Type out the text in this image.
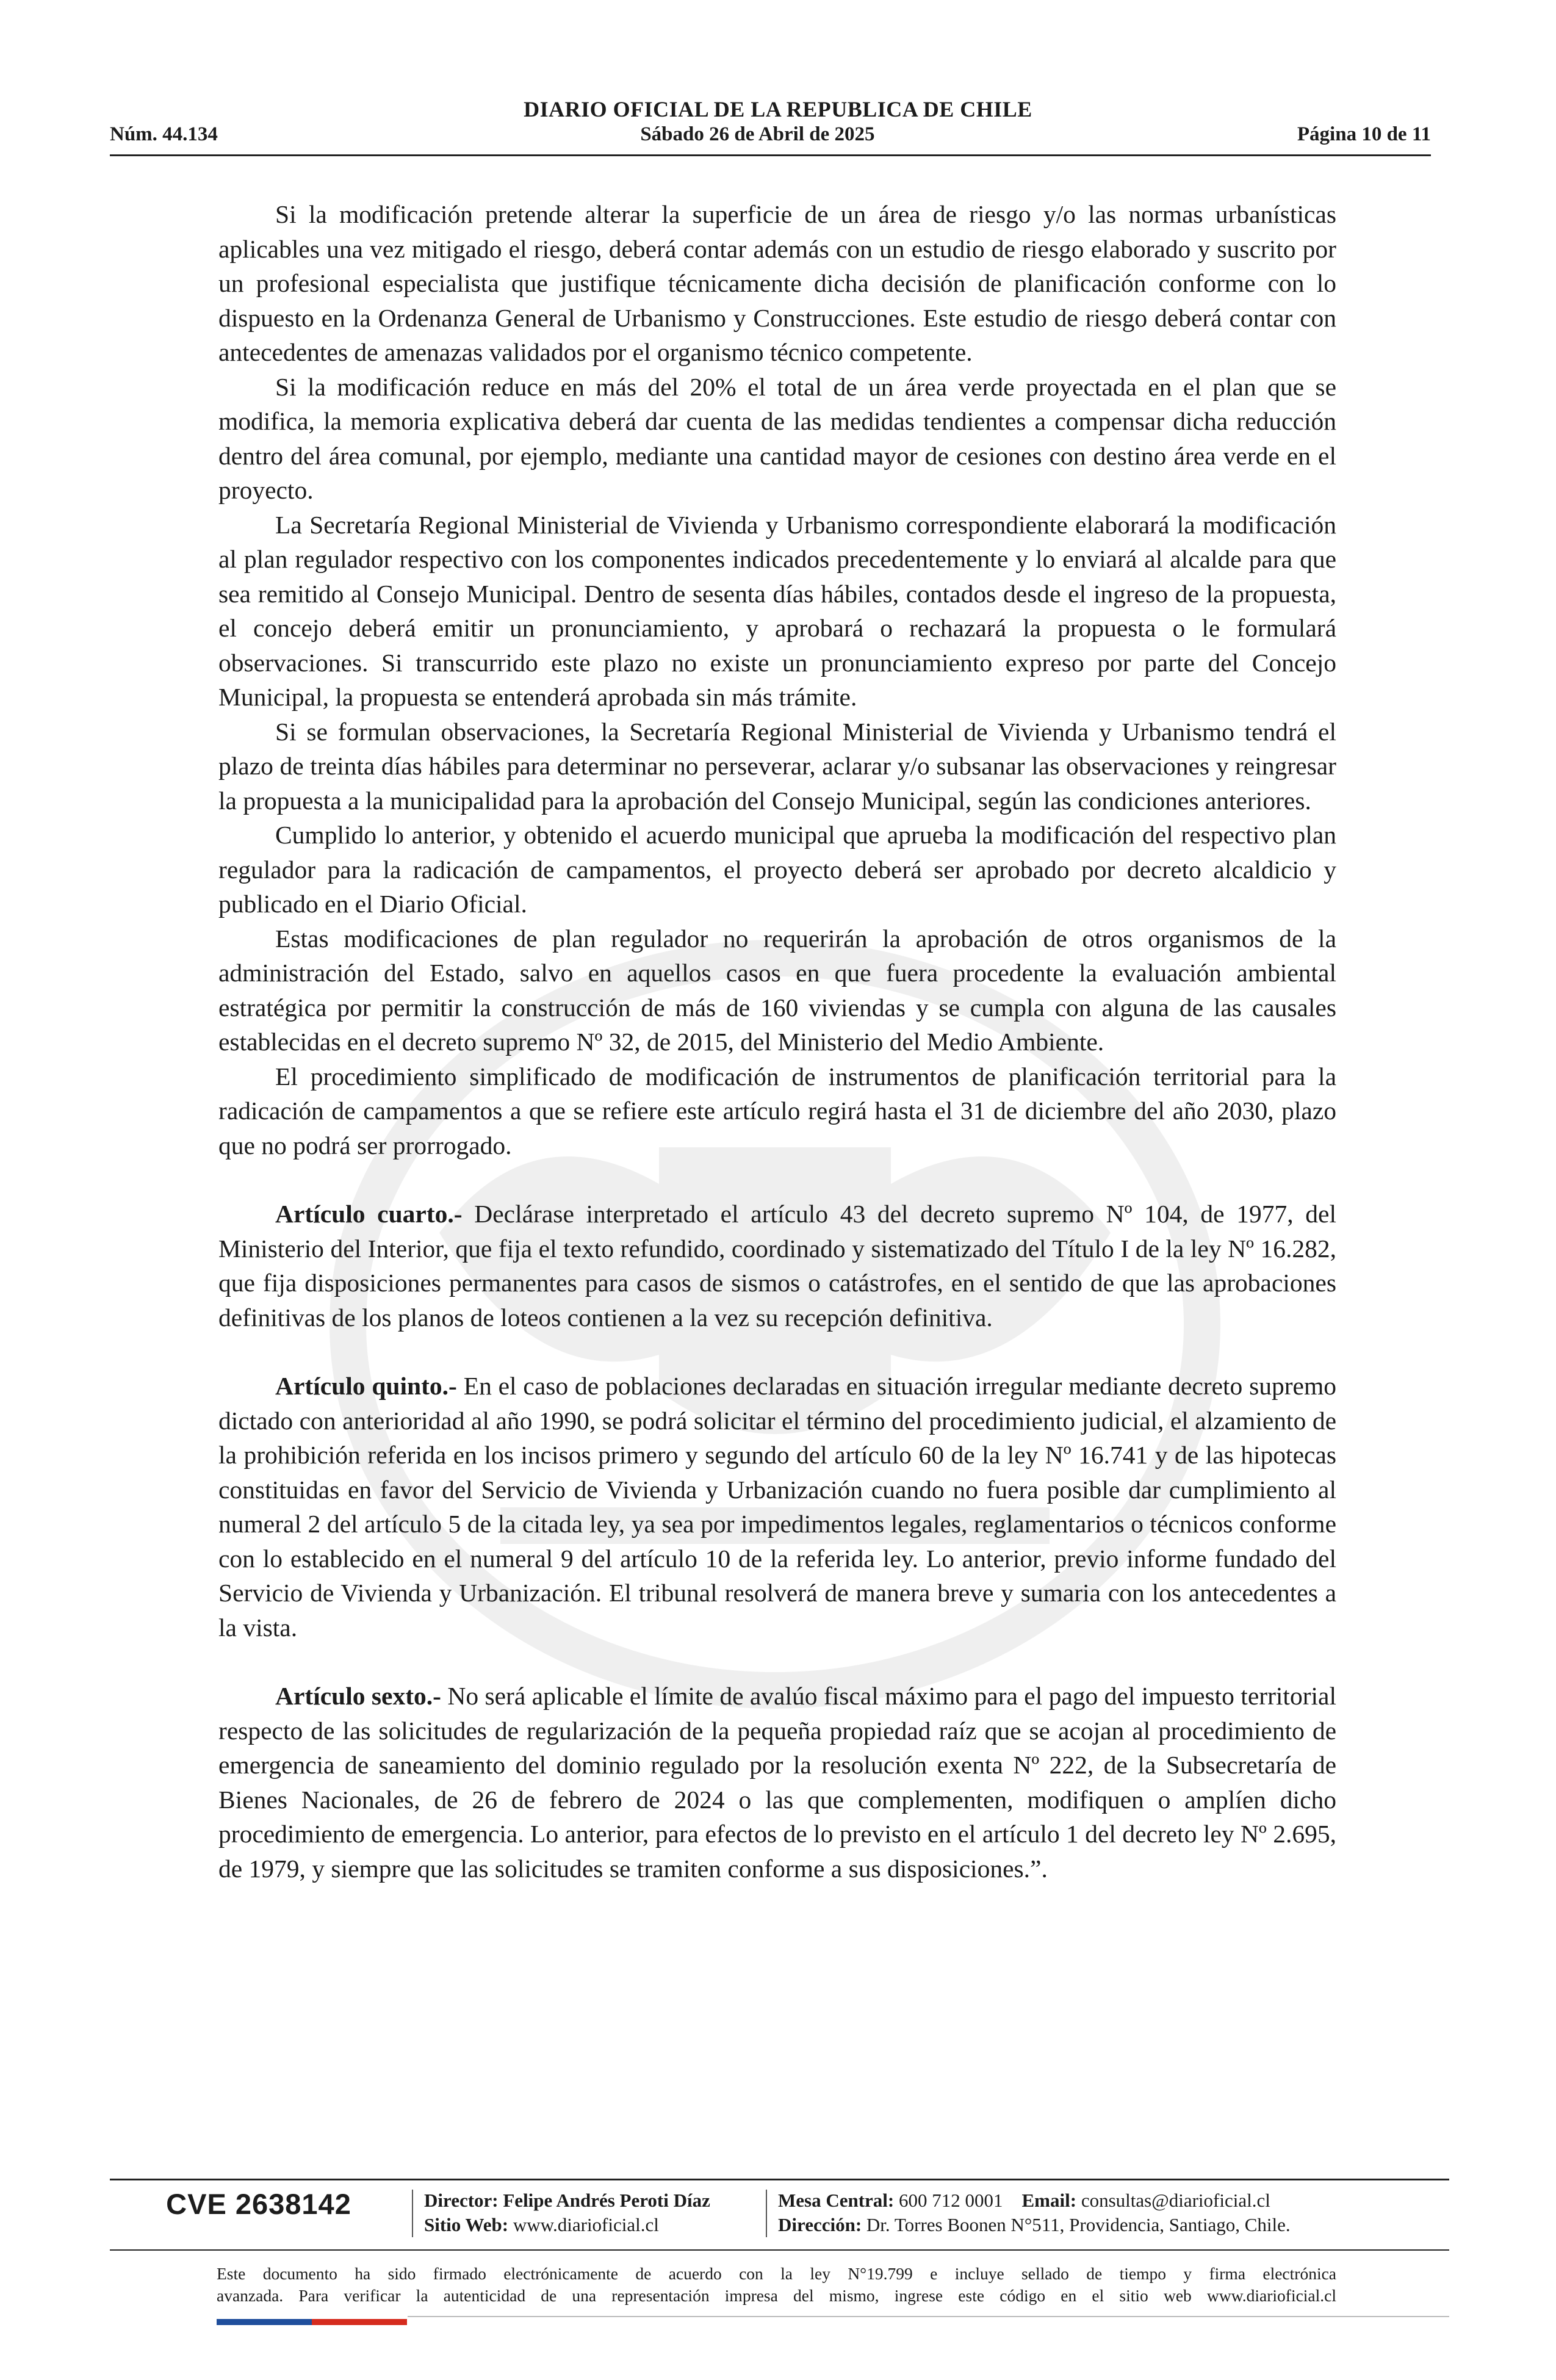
DIARIO OFICIAL DE LA REPUBLICA DE CHILE
Núm. 44.134	Sábado 26 de Abril de 2025	Página 10 de 11

Si la modificación pretende alterar la superficie de un área de riesgo y/o las normas urbanísticas aplicables una vez mitigado el riesgo, deberá contar además con un estudio de riesgo elaborado y suscrito por un profesional especialista que justifique técnicamente dicha decisión de planificación conforme con lo dispuesto en la Ordenanza General de Urbanismo y Construcciones. Este estudio de riesgo deberá contar con antecedentes de amenazas validados por el organismo técnico competente.

Si la modificación reduce en más del 20% el total de un área verde proyectada en el plan que se modifica, la memoria explicativa deberá dar cuenta de las medidas tendientes a compensar dicha reducción dentro del área comunal, por ejemplo, mediante una cantidad mayor de cesiones con destino área verde en el proyecto.

La Secretaría Regional Ministerial de Vivienda y Urbanismo correspondiente elaborará la modificación al plan regulador respectivo con los componentes indicados precedentemente y lo enviará al alcalde para que sea remitido al Consejo Municipal. Dentro de sesenta días hábiles, contados desde el ingreso de la propuesta, el concejo deberá emitir un pronunciamiento, y aprobará o rechazará la propuesta o le formulará observaciones. Si transcurrido este plazo no existe un pronunciamiento expreso por parte del Concejo Municipal, la propuesta se entenderá aprobada sin más trámite.

Si se formulan observaciones, la Secretaría Regional Ministerial de Vivienda y Urbanismo tendrá el plazo de treinta días hábiles para determinar no perseverar, aclarar y/o subsanar las observaciones y reingresar la propuesta a la municipalidad para la aprobación del Consejo Municipal, según las condiciones anteriores.

Cumplido lo anterior, y obtenido el acuerdo municipal que aprueba la modificación del respectivo plan regulador para la radicación de campamentos, el proyecto deberá ser aprobado por decreto alcaldicio y publicado en el Diario Oficial.

Estas modificaciones de plan regulador no requerirán la aprobación de otros organismos de la administración del Estado, salvo en aquellos casos en que fuera procedente la evaluación ambiental estratégica por permitir la construcción de más de 160 viviendas y se cumpla con alguna de las causales establecidas en el decreto supremo Nº 32, de 2015, del Ministerio del Medio Ambiente.

El procedimiento simplificado de modificación de instrumentos de planificación territorial para la radicación de campamentos a que se refiere este artículo regirá hasta el 31 de diciembre del año 2030, plazo que no podrá ser prorrogado.

Artículo cuarto.- Declárase interpretado el artículo 43 del decreto supremo Nº 104, de 1977, del Ministerio del Interior, que fija el texto refundido, coordinado y sistematizado del Título I de la ley Nº 16.282, que fija disposiciones permanentes para casos de sismos o catástrofes, en el sentido de que las aprobaciones definitivas de los planos de loteos contienen a la vez su recepción definitiva.

Artículo quinto.- En el caso de poblaciones declaradas en situación irregular mediante decreto supremo dictado con anterioridad al año 1990, se podrá solicitar el término del procedimiento judicial, el alzamiento de la prohibición referida en los incisos primero y segundo del artículo 60 de la ley Nº 16.741 y de las hipotecas constituidas en favor del Servicio de Vivienda y Urbanización cuando no fuera posible dar cumplimiento al numeral 2 del artículo 5 de la citada ley, ya sea por impedimentos legales, reglamentarios o técnicos conforme con lo establecido en el numeral 9 del artículo 10 de la referida ley. Lo anterior, previo informe fundado del Servicio de Vivienda y Urbanización. El tribunal resolverá de manera breve y sumaria con los antecedentes a la vista.

Artículo sexto.- No será aplicable el límite de avalúo fiscal máximo para el pago del impuesto territorial respecto de las solicitudes de regularización de la pequeña propiedad raíz que se acojan al procedimiento de emergencia de saneamiento del dominio regulado por la resolución exenta Nº 222, de la Subsecretaría de Bienes Nacionales, de 26 de febrero de 2024 o las que complementen, modifiquen o amplíen dicho procedimiento de emergencia. Lo anterior, para efectos de lo previsto en el artículo 1 del decreto ley Nº 2.695, de 1979, y siempre que las solicitudes se tramiten conforme a sus disposiciones.”.

CVE 2638142	Director: Felipe Andrés Peroti Díaz
Sitio Web: www.diarioficial.cl
Mesa Central: 600 712 0001 Email: consultas@diarioficial.cl
Dirección: Dr. Torres Boonen N°511, Providencia, Santiago, Chile.
Este documento ha sido firmado electrónicamente de acuerdo con la ley N°19.799 e incluye sellado de tiempo y firma electrónica
avanzada. Para verificar la autenticidad de una representación impresa del mismo, ingrese este código en el sitio web www.diarioficial.cl
